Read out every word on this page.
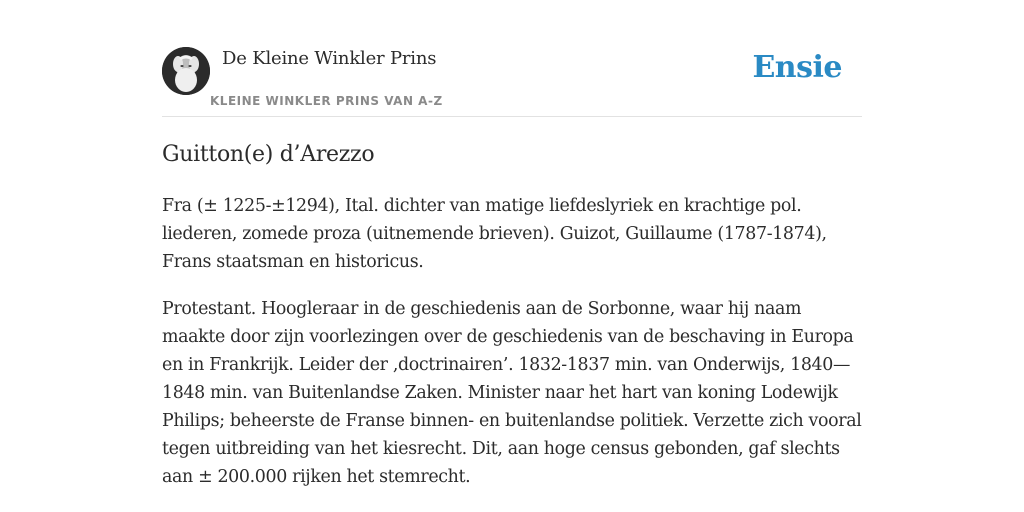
De Kleine Winkler Prins
KLEINE WINKLER PRINS VAN A-Z
Ensie
Guitton(e) d’Arezzo

Fra (± 1225-±1294), Ital. dichter van matige liefdeslyriek en krachtige pol. liederen, zomede proza (uitnemende brieven). Guizot, Guillaume (1787-1874), Frans staatsman en historicus.

Protestant. Hoogleraar in de geschiedenis aan de Sorbonne, waar hij naam maakte door zijn voorlezingen over de geschiedenis van de beschaving in Europa en in Frankrijk. Leider der ‚doctrinairen’. 1832-1837 min. van Onderwijs, 1840—1848 min. van Buitenlandse Zaken. Minister naar het hart van koning Lodewijk Philips; beheerste de Franse binnen- en buitenlandse politiek. Verzette zich vooral tegen uitbreiding van het kiesrecht. Dit, aan hoge census gebonden, gaf slechts aan ± 200.000 rijken het stemrecht.
